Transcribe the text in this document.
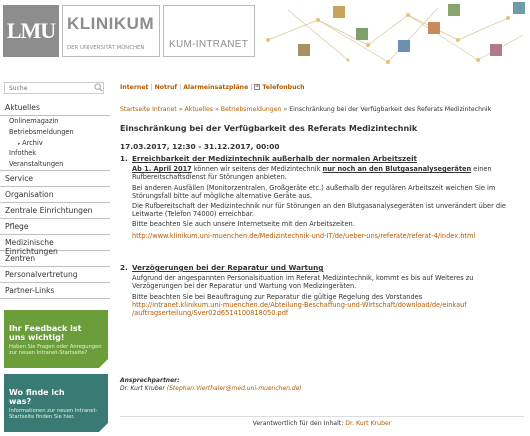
LMU KLINIKUM
DER UNIVERSITÄT MÜNCHEN KUM-INTRANET
Suche
Aktuelles
Onlinemagazin
Betriebsmeldungen
▸ Archiv
Infothek
Veranstaltungen
Service
Organisation
Zentrale Einrichtungen
Pflege
Medizinische Einrichtungen
Zentren
Personalvertretung
Partner-Links
Ihr Feedback ist uns wichtig!
Haben Sie Fragen oder Anregungen zur neuen Intranet-Startseite?
Wo finde ich was?
Informationen zur neuen Intranet-Startseite finden Sie hier.
Internet | Notruf | Alarmeinsatzpläne | Telefonbuch
Startseite Intranet » Aktuelles » Betriebsmeldungen » Einschränkung bei der Verfügbarkeit des Referats Medizintechnik
Einschränkung bei der Verfügbarkeit des Referats Medizintechnik
17.03.2017, 12:30 - 31.12.2017, 00:00
1. Erreichbarkeit der Medizintechnik außerhalb der normalen Arbeitszeit

Ab 1. April 2017 können wir seitens der Medizintechnik nur noch an den Blutgasanalysegeräten einen Rufbereitschaftsdienst für Störungen anbieten.

Bei anderen Ausfällen (Monitorzentralen, Großgeräte etc.) außerhalb der regulären Arbeitszeit weichen Sie im Störungsfall bitte auf mögliche alternative Geräte aus.

Die Rufbereitschaft der Medizintechnik nur für Störungen an den Blutgasanalysegeräten ist unverändert über die Leitwarte (Telefon 74000) erreichbar.

Bitte beachten Sie auch unsere Internetseite mit den Arbeitszeiten.

http://www.klinikum.uni-muenchen.de/Medizintechnik-und-IT/de/ueber-uns/referate/referat-4/index.html
2. Verzögerungen bei der Reparatur und Wartung

Aufgrund der angespannten Personalsituation im Referat Medizintechnik, kommt es bis auf Weiteres zu Verzögerungen bei der Reparatur und Wartung von Medizingeräten.

Bitte beachten Sie bei Beauftragung zur Reparatur die gültige Regelung des Vorstandes

http://intranet.klinikum.uni-muenchen.de/Abteilung-Beschaffung-und-Wirtschaft/download/de/einkauf
/auftragserteilung/Sver02d6514100818050.pdf
Ansprechpartner:
Dr. Kurt Kruber (Stephan.Vierthaler@med.uni-muenchen.de)
Verantwortlich für den Inhalt: Dr. Kurt Kruber
